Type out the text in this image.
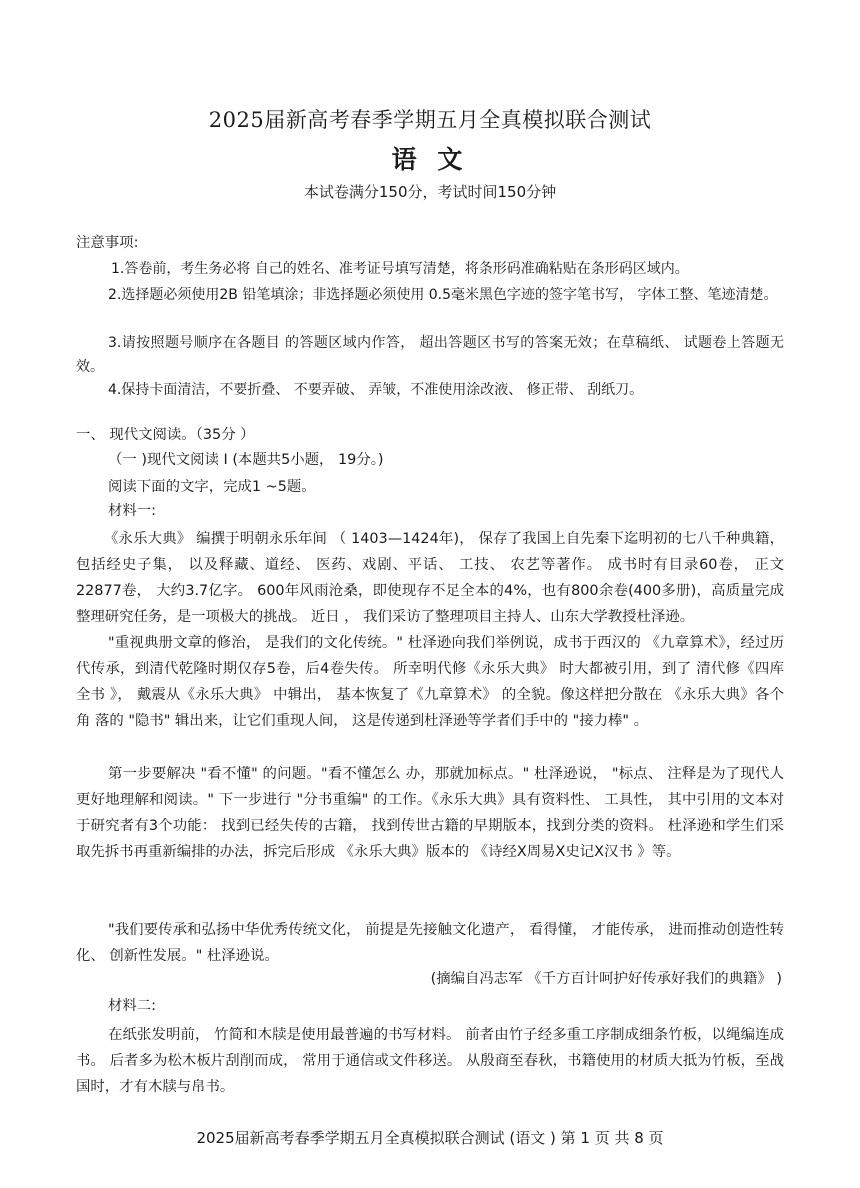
2025届新高考春季学期五月全真模拟联合测试
语 文
本试卷满分150分，考试时间150分钟
注意事项:
1.答卷前，考生务必将 自己的姓名、准考证号填写清楚，将条形码准确粘贴在条形码区域内。
2.选择题必须使用2B 铅笔填涂；非选择题必须使用 0.5毫米黑色字迹的签字笔书写， 字体工整、笔迹清楚。
3.请按照题号顺序在各题目 的答题区域内作答， 超出答题区书写的答案无效；在草稿纸、 试题卷上答题无效。
4.保持卡面清洁，不要折叠、 不要弄破、 弄皱，不准使用涂改液、 修正带、 刮纸刀。
一、 现代文阅读。（35分 ）
（一 )现代文阅读 Ⅰ (本题共5小题， 19分。)
阅读下面的文字，完成1 ~5题。
材料一:
《永乐大典》 编撰于明朝永乐年间 （ 1403—1424年)， 保存了我国上自先秦下迄明初的七八千种典籍， 包括经史子集， 以及释藏、道经、 医药、戏剧、平话、 工技、 农艺等著作。 成书时有目录60卷， 正文22877卷， 大约3.7亿字。 600年风雨沧桑，即使现存不足全本的4%，也有800余卷(400多册)，高质量完成整理研究任务，是一项极大的挑战。 近日 ， 我们采访了整理项目主持人、山东大学教授杜泽逊。
"重视典册文章的修治， 是我们的文化传统。" 杜泽逊向我们举例说，成书于西汉的 《九章算术》，经过历代传承，到清代乾隆时期仅存5卷，后4卷失传。 所幸明代修《永乐大典》 时大都被引用，到了 清代修《四库全书 》， 戴震从《永乐大典》 中辑出， 基本恢复了《九章算术》 的全貌。像这样把分散在 《永乐大典》各个角 落的 "隐书" 辑出来，让它们重现人间， 这是传递到杜泽逊等学者们手中的 "接力棒" 。
第一步要解决 "看不懂" 的问题。"看不懂怎么 办，那就加标点。" 杜泽逊说， "标点、 注释是为了现代人更好地理解和阅读。" 下一步进行 "分书重编" 的工作。《永乐大典》具有资料性、 工具性， 其中引用的文本对于研究者有3个功能： 找到已经失传的古籍， 找到传世古籍的早期版本，找到分类的资料。 杜泽逊和学生们采取先拆书再重新编排的办法，拆完后形成 《永乐大典》版本的 《诗经X周易X史记X汉书 》等。
"我们要传承和弘扬中华优秀传统文化， 前提是先接触文化遗产， 看得懂， 才能传承， 进而推动创造性转化、 创新性发展。" 杜泽逊说。
(摘编自冯志军 《千方百计呵护好传承好我们的典籍》 )
材料二:
在纸张发明前， 竹简和木牍是使用最普遍的书写材料。 前者由竹子经多重工序制成细条竹板，以绳编连成书。 后者多为松木板片刮削而成， 常用于通信或文件移送。 从殷商至春秋，书籍使用的材质大抵为竹板，至战国时，才有木牍与帛书。
2025届新高考春季学期五月全真模拟联合测试 (语文 ) 第 1 页 共 8 页
